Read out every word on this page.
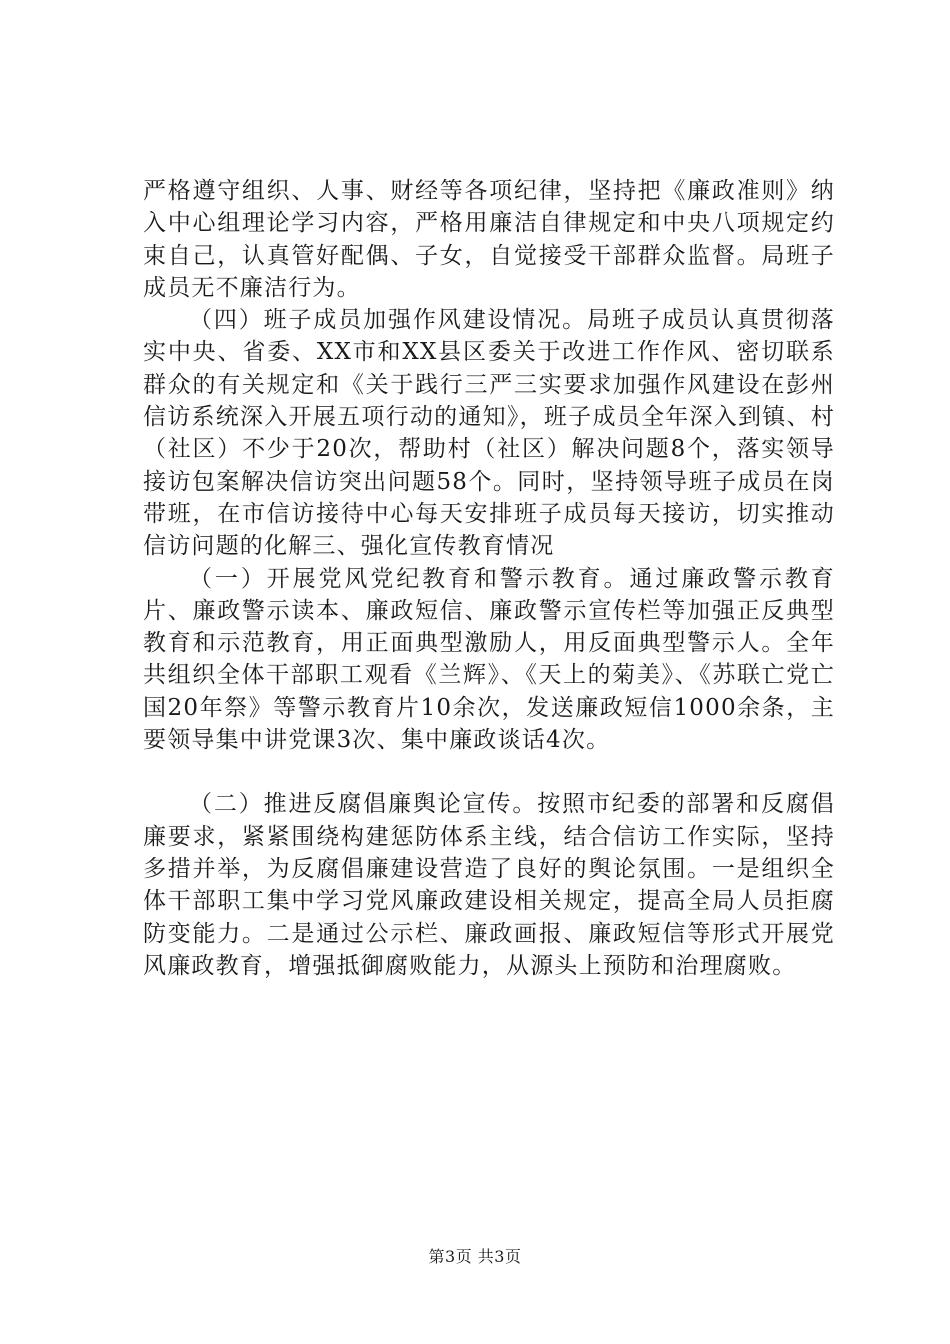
严格遵守组织、人事、财经等各项纪律，坚持把《廉政准则》纳入中心组理论学习内容，严格用廉洁自律规定和中央八项规定约束自己，认真管好配偶、子女，自觉接受干部群众监督。局班子成员无不廉洁行为。

（四）班子成员加强作风建设情况。局班子成员认真贯彻落实中央、省委、XX市和XX县区委关于改进工作作风、密切联系群众的有关规定和《关于践行三严三实要求加强作风建设在彭州信访系统深入开展五项行动的通知》，班子成员全年深入到镇、村（社区）不少于20次，帮助村（社区）解决问题8个，落实领导接访包案解决信访突出问题58个。同时，坚持领导班子成员在岗带班，在市信访接待中心每天安排班子成员每天接访，切实推动信访问题的化解三、强化宣传教育情况

（一）开展党风党纪教育和警示教育。通过廉政警示教育片、廉政警示读本、廉政短信、廉政警示宣传栏等加强正反典型教育和示范教育，用正面典型激励人，用反面典型警示人。全年共组织全体干部职工观看《兰辉》、《天上的菊美》、《苏联亡党亡国20年祭》等警示教育片10余次，发送廉政短信1000余条，主要领导集中讲党课3次、集中廉政谈话4次。

（二）推进反腐倡廉舆论宣传。按照市纪委的部署和反腐倡廉要求，紧紧围绕构建惩防体系主线，结合信访工作实际，坚持多措并举，为反腐倡廉建设营造了良好的舆论氛围。一是组织全体干部职工集中学习党风廉政建设相关规定，提高全局人员拒腐防变能力。二是通过公示栏、廉政画报、廉政短信等形式开展党风廉政教育，增强抵御腐败能力，从源头上预防和治理腐败。

第3页 共3页
